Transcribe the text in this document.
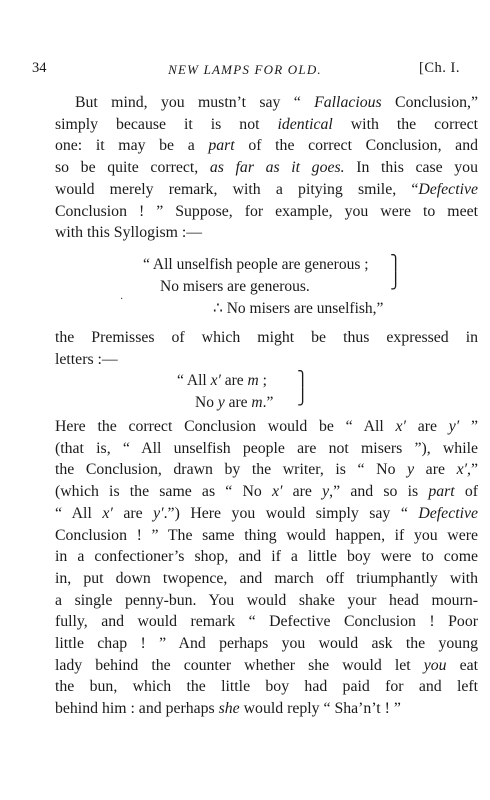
34	NEW LAMPS FOR OLD.	[Ch. I.
But mind, you mustn’t say “ Fallacious Conclusion,”
simply because it is not identical with the correct
one: it may be a part of the correct Conclusion, and
so be quite correct, as far as it goes. In this case you
would merely remark, with a pitying smile, “Defective
Conclusion ! ” Suppose, for example, you were to meet
with this Syllogism :—
“ All unselfish people are generous ;
No misers are generous.
∴ No misers are unselfish,”
⎫
⎭
·
the Premisses of which might be thus expressed in
letters :—
“ All x′ are m ;
No y are m.”
⎫
⎭
Here the correct Conclusion would be “ All x′ are y′ ”
(that is, “ All unselfish people are not misers ”), while
the Conclusion, drawn by the writer, is “ No y are x′,”
(which is the same as “ No x′ are y,” and so is part of
“ All x′ are y′.”) Here you would simply say “ Defective
Conclusion ! ” The same thing would happen, if you were
in a confectioner’s shop, and if a little boy were to come
in, put down twopence, and march off triumphantly with
a single penny-bun. You would shake your head mourn-
fully, and would remark “ Defective Conclusion ! Poor
little chap ! ” And perhaps you would ask the young
lady behind the counter whether she would let you eat
the bun, which the little boy had paid for and left
behind him : and perhaps she would reply “ Sha’n’t ! ”
